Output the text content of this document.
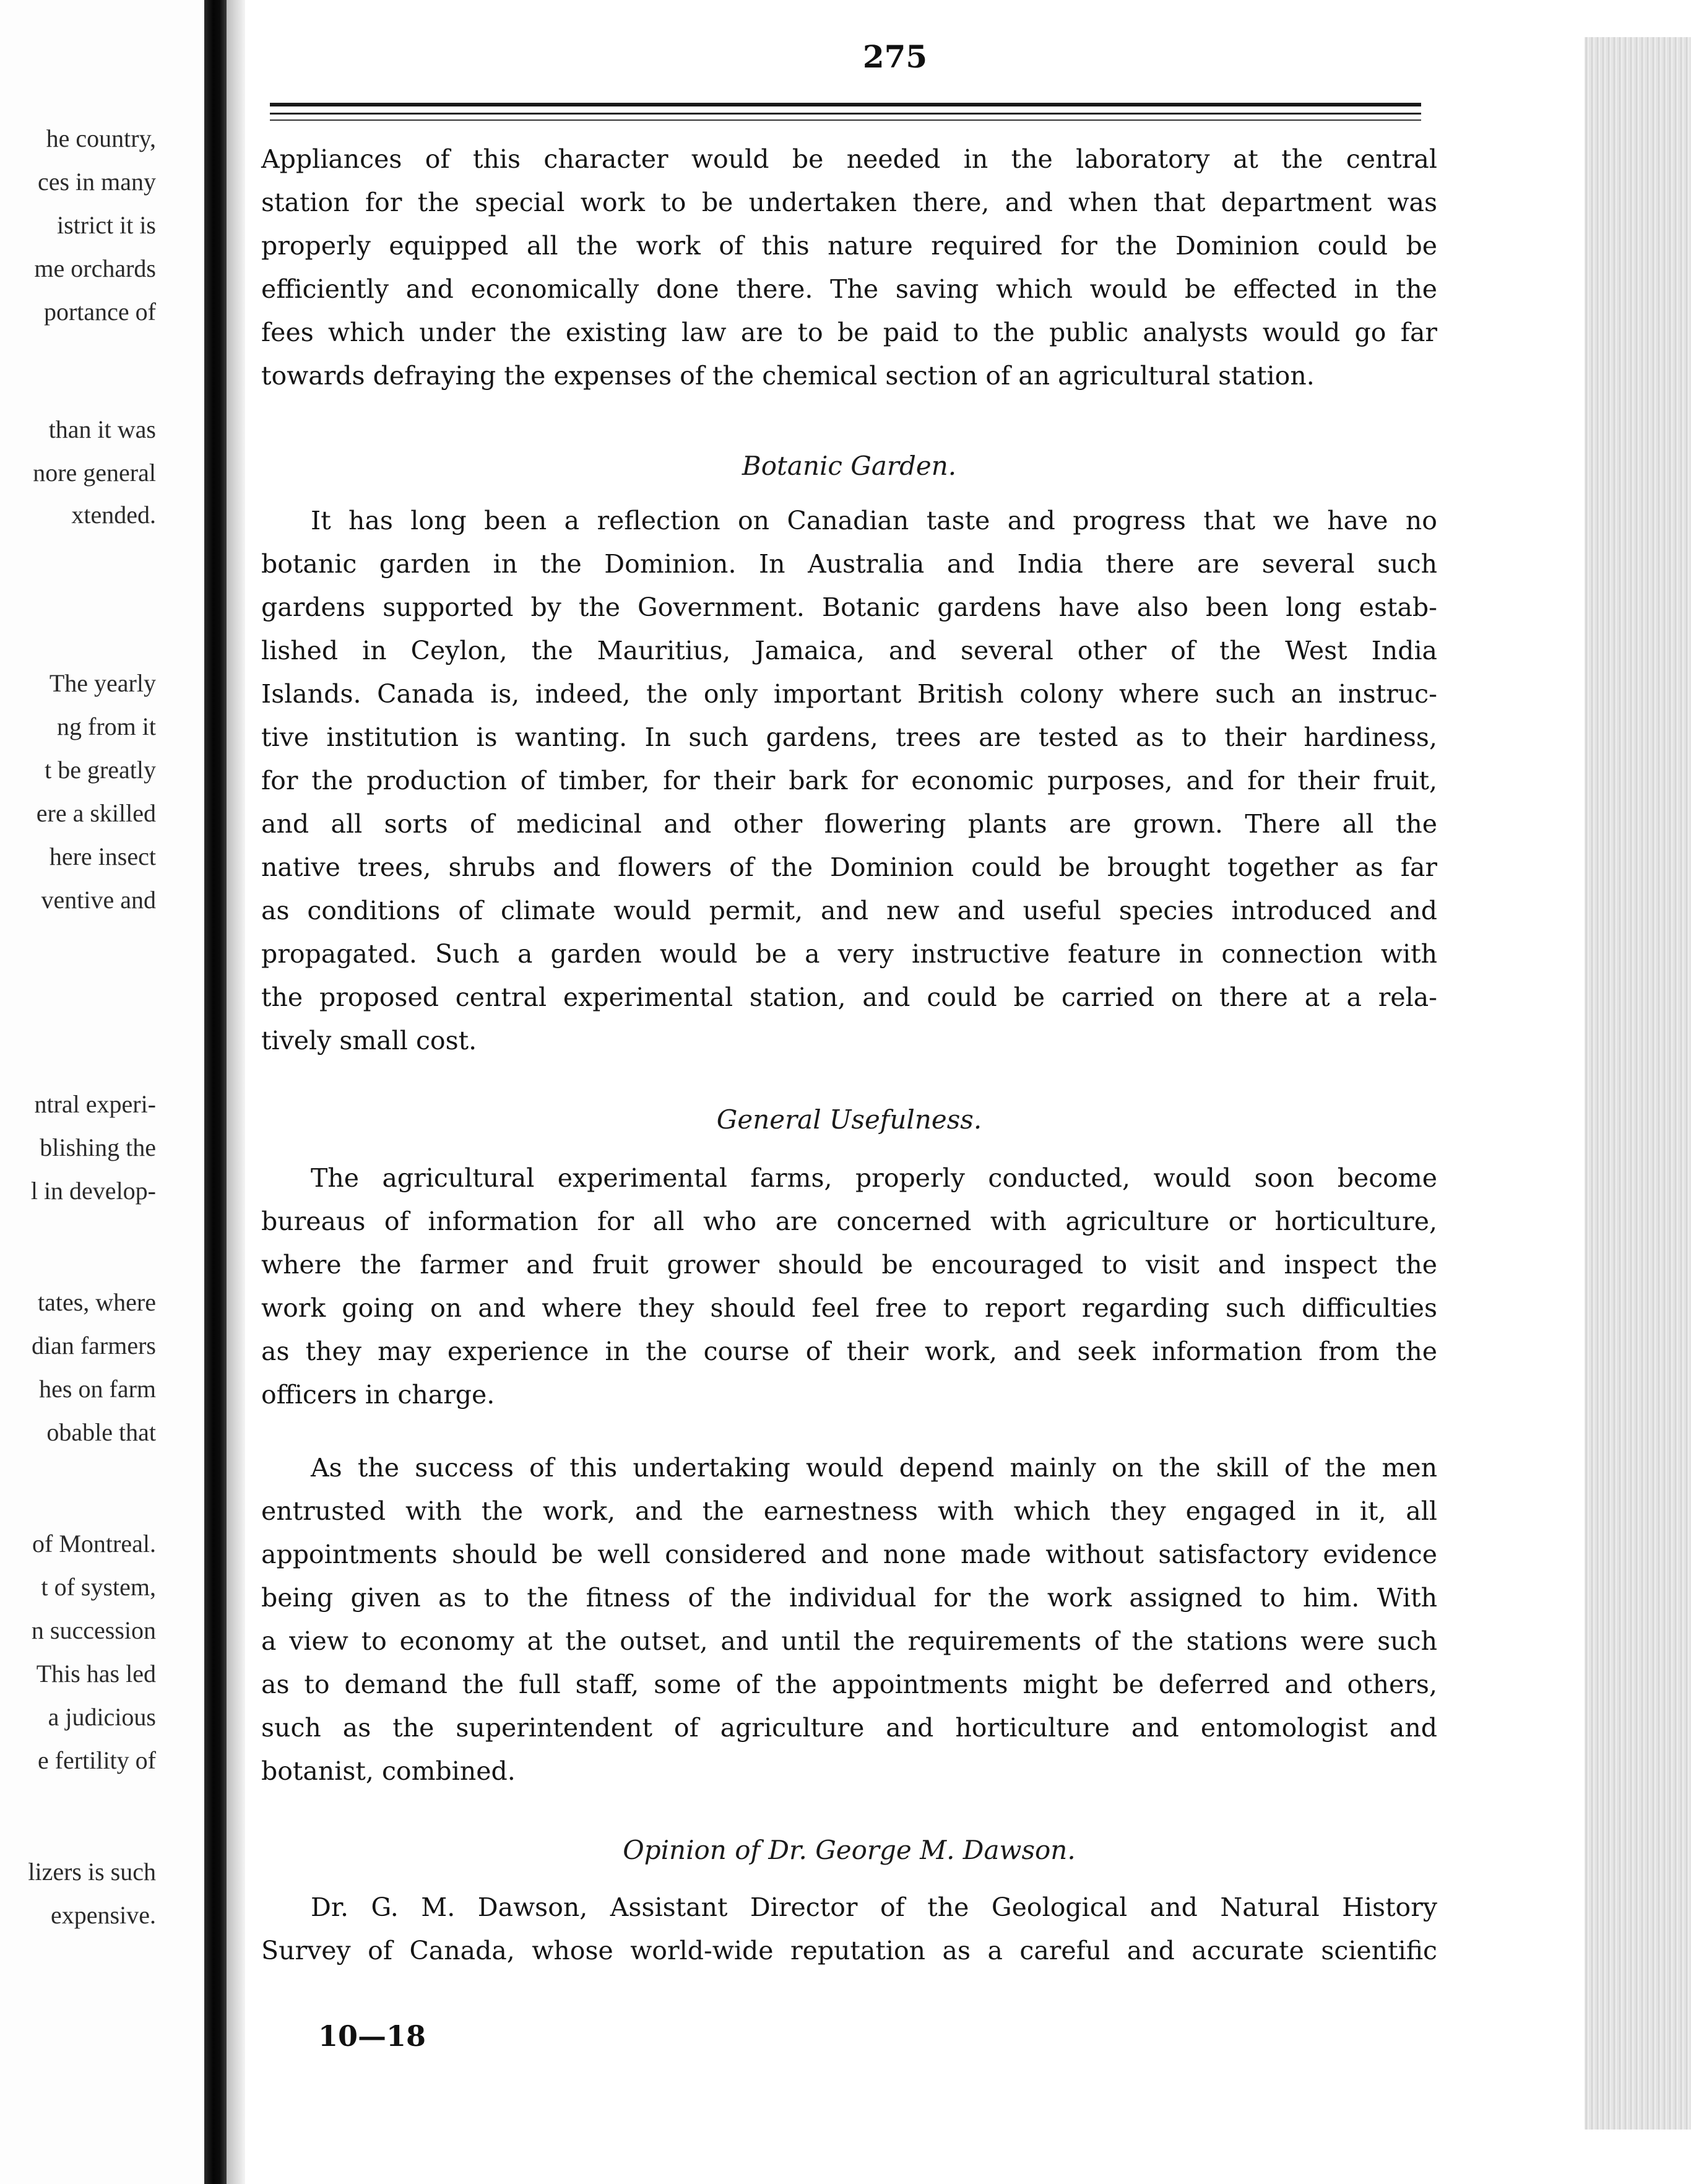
he country,
ces in many
istrict it is
me orchards
portance of
than it was
nore general
xtended.
The yearly
ng from it
t be greatly
ere a skilled
here insect
ventive and
ntral experi-
blishing the
l in develop-
tates, where
dian farmers
hes on farm
obable that
of Montreal.
t of system,
n succession
This has led
a judicious
e fertility of
lizers is such
expensive.
275
Appliances of this character would be needed in the laboratory at the central
station for the special work to be undertaken there, and when that department was
properly equipped all the work of this nature required for the Dominion could be
efficiently and economically done there. The saving which would be effected in the
fees which under the existing law are to be paid to the public analysts would go far
towards defraying the expenses of the chemical section of an agricultural station.
Botanic Garden.
It has long been a reflection on Canadian taste and progress that we have no
botanic garden in the Dominion. In Australia and India there are several such
gardens supported by the Government. Botanic gardens have also been long estab-
lished in Ceylon, the Mauritius, Jamaica, and several other of the West India
Islands. Canada is, indeed, the only important British colony where such an instruc-
tive institution is wanting. In such gardens, trees are tested as to their hardiness,
for the production of timber, for their bark for economic purposes, and for their fruit,
and all sorts of medicinal and other flowering plants are grown. There all the
native trees, shrubs and flowers of the Dominion could be brought together as far
as conditions of climate would permit, and new and useful species introduced and
propagated. Such a garden would be a very instructive feature in connection with
the proposed central experimental station, and could be carried on there at a rela-
tively small cost.
General Usefulness.
The agricultural experimental farms, properly conducted, would soon become
bureaus of information for all who are concerned with agriculture or horticulture,
where the farmer and fruit grower should be encouraged to visit and inspect the
work going on and where they should feel free to report regarding such difficulties
as they may experience in the course of their work, and seek information from the
officers in charge.
As the success of this undertaking would depend mainly on the skill of the men
entrusted with the work, and the earnestness with which they engaged in it, all
appointments should be well considered and none made without satisfactory evidence
being given as to the fitness of the individual for the work assigned to him. With
a view to economy at the outset, and until the requirements of the stations were such
as to demand the full staff, some of the appointments might be deferred and others,
such as the superintendent of agriculture and horticulture and entomologist and
botanist, combined.
Opinion of Dr. George M. Dawson.
Dr. G. M. Dawson, Assistant Director of the Geological and Natural History
Survey of Canada, whose world-wide reputation as a careful and accurate scientific
10—18
